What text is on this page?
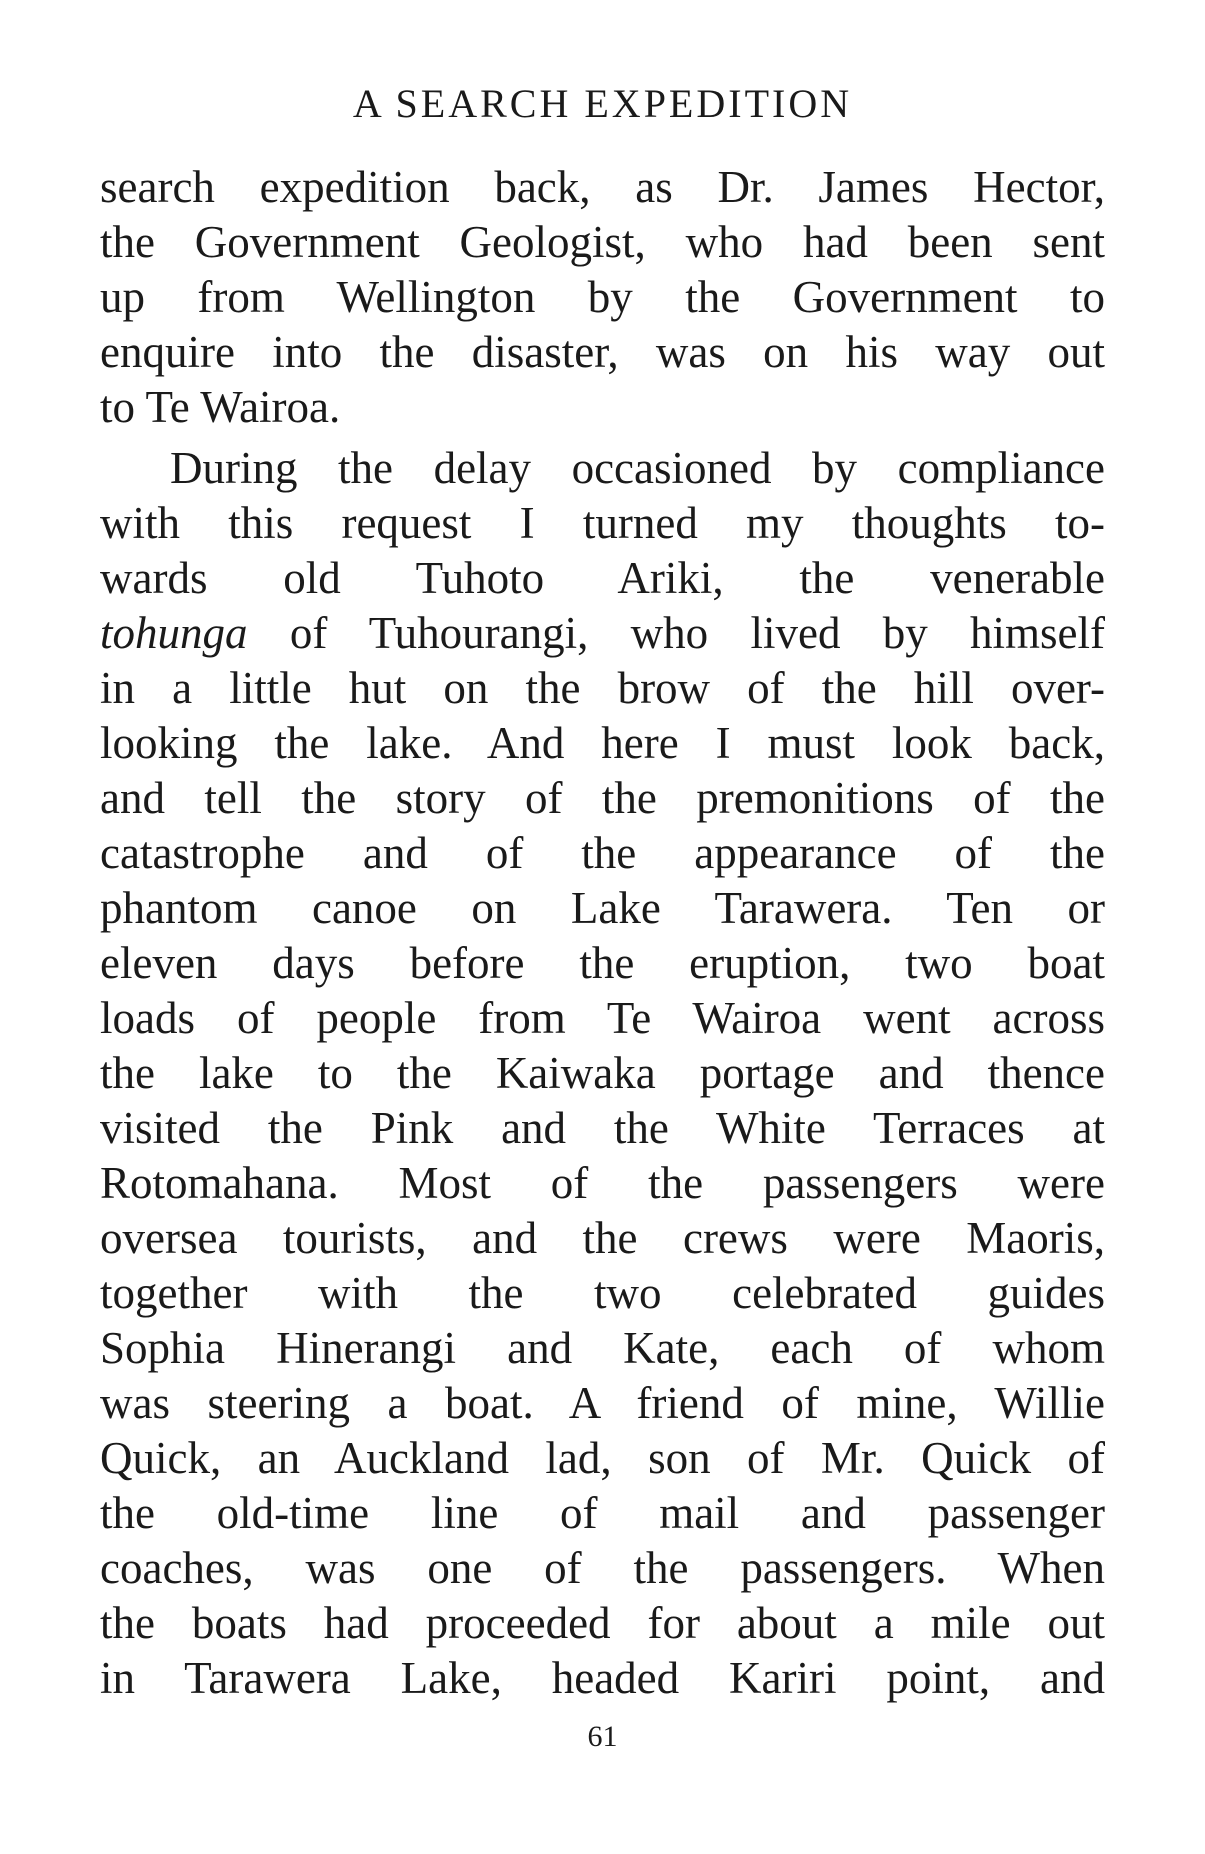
A SEARCH EXPEDITION
search expedition back, as Dr. James Hector,
the Government Geologist, who had been sent
up from Wellington by the Government to
enquire into the disaster, was on his way out
to Te Wairoa.
During the delay occasioned by compliance
with this request I turned my thoughts to-
wards old Tuhoto Ariki, the venerable
tohunga of Tuhourangi, who lived by himself
in a little hut on the brow of the hill over-
looking the lake. And here I must look back,
and tell the story of the premonitions of the
catastrophe and of the appearance of the
phantom canoe on Lake Tarawera. Ten or
eleven days before the eruption, two boat
loads of people from Te Wairoa went across
the lake to the Kaiwaka portage and thence
visited the Pink and the White Terraces at
Rotomahana. Most of the passengers were
oversea tourists, and the crews were Maoris,
together with the two celebrated guides
Sophia Hinerangi and Kate, each of whom
was steering a boat. A friend of mine, Willie
Quick, an Auckland lad, son of Mr. Quick of
the old-time line of mail and passenger
coaches, was one of the passengers. When
the boats had proceeded for about a mile out
in Tarawera Lake, headed Kariri point, and
61
